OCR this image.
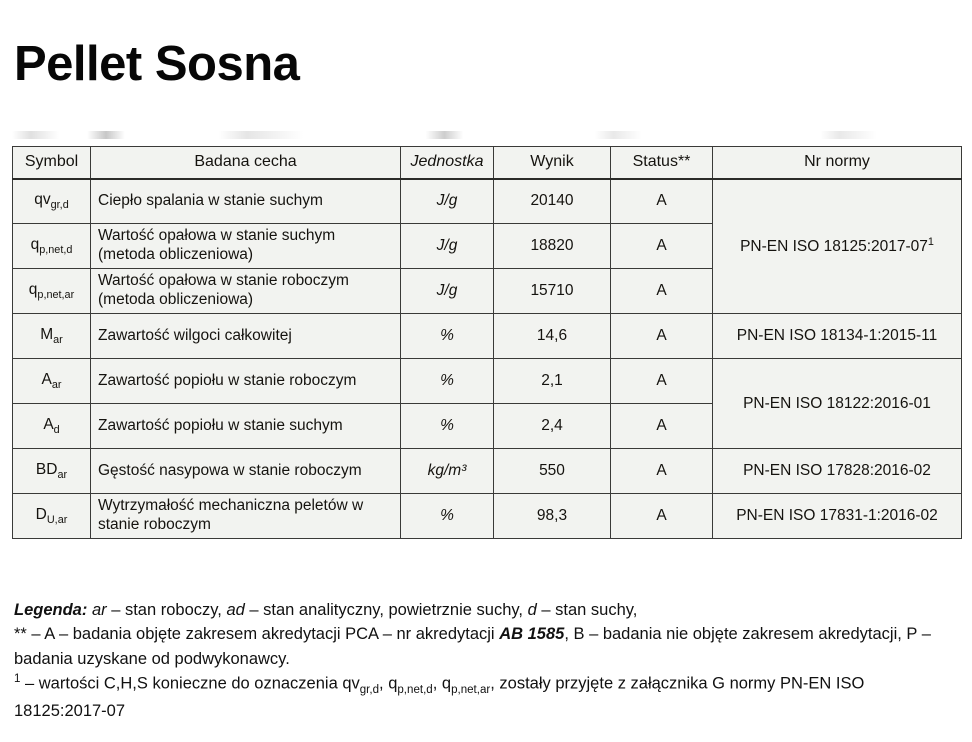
Pellet Sosna
Symbol	Badana cecha	Jednostka	Wynik	Status**	Nr normy
$qv_{gr,d}$	Ciepło spalania w stanie suchym	J/g	20140	A	PN-EN ISO $18125:2017-07^1$
$q_{p,net,d}$	Wartość opałowa w stanie suchym (metoda obliczeniowa)	J/g	18820	A	
$q_{p,net,ar}$	Wartość opałowa w stanie roboczym (metoda obliczeniowa)	J/g	15710	A	
$M_{ar}$	Zawartość wilgoci całkowitej	%	14,6	A	PN-EN ISO 18134-1:2015-11
$A_{ar}$	Zawartość popiołu w stanie roboczym	%	2,1	A	PN-EN ISO 18122:2016-01
$A_d$	Zawartość popiołu w stanie suchym	%	2,4	A	
$BD_{ar}$	Gęstość nasypowa w stanie roboczym	kg/m³	550	A	PN-EN ISO 17828:2016-02
$D_{U,ar}$	Wytrzymałość mechaniczna peletów w stanie roboczym	%	98,3	A	PN-EN ISO 17831-1:2016-02
Legenda: ar – stan roboczy, ad – stan analityczny, powietrznie suchy, d – stan suchy,
** – A – badania objęte zakresem akredytacji PCA – nr akredytacji AB 1585, B – badania nie objęte zakresem akredytacji, P – badania uzyskane od podwykonawcy.
$^1$ – wartości C,H,S konieczne do oznaczenia $qv_{gr,d}$, $q_{p,net,d}$, $q_{p,net,ar}$, zostały przyjęte z załącznika G normy PN-EN ISO 18125:2017-07
